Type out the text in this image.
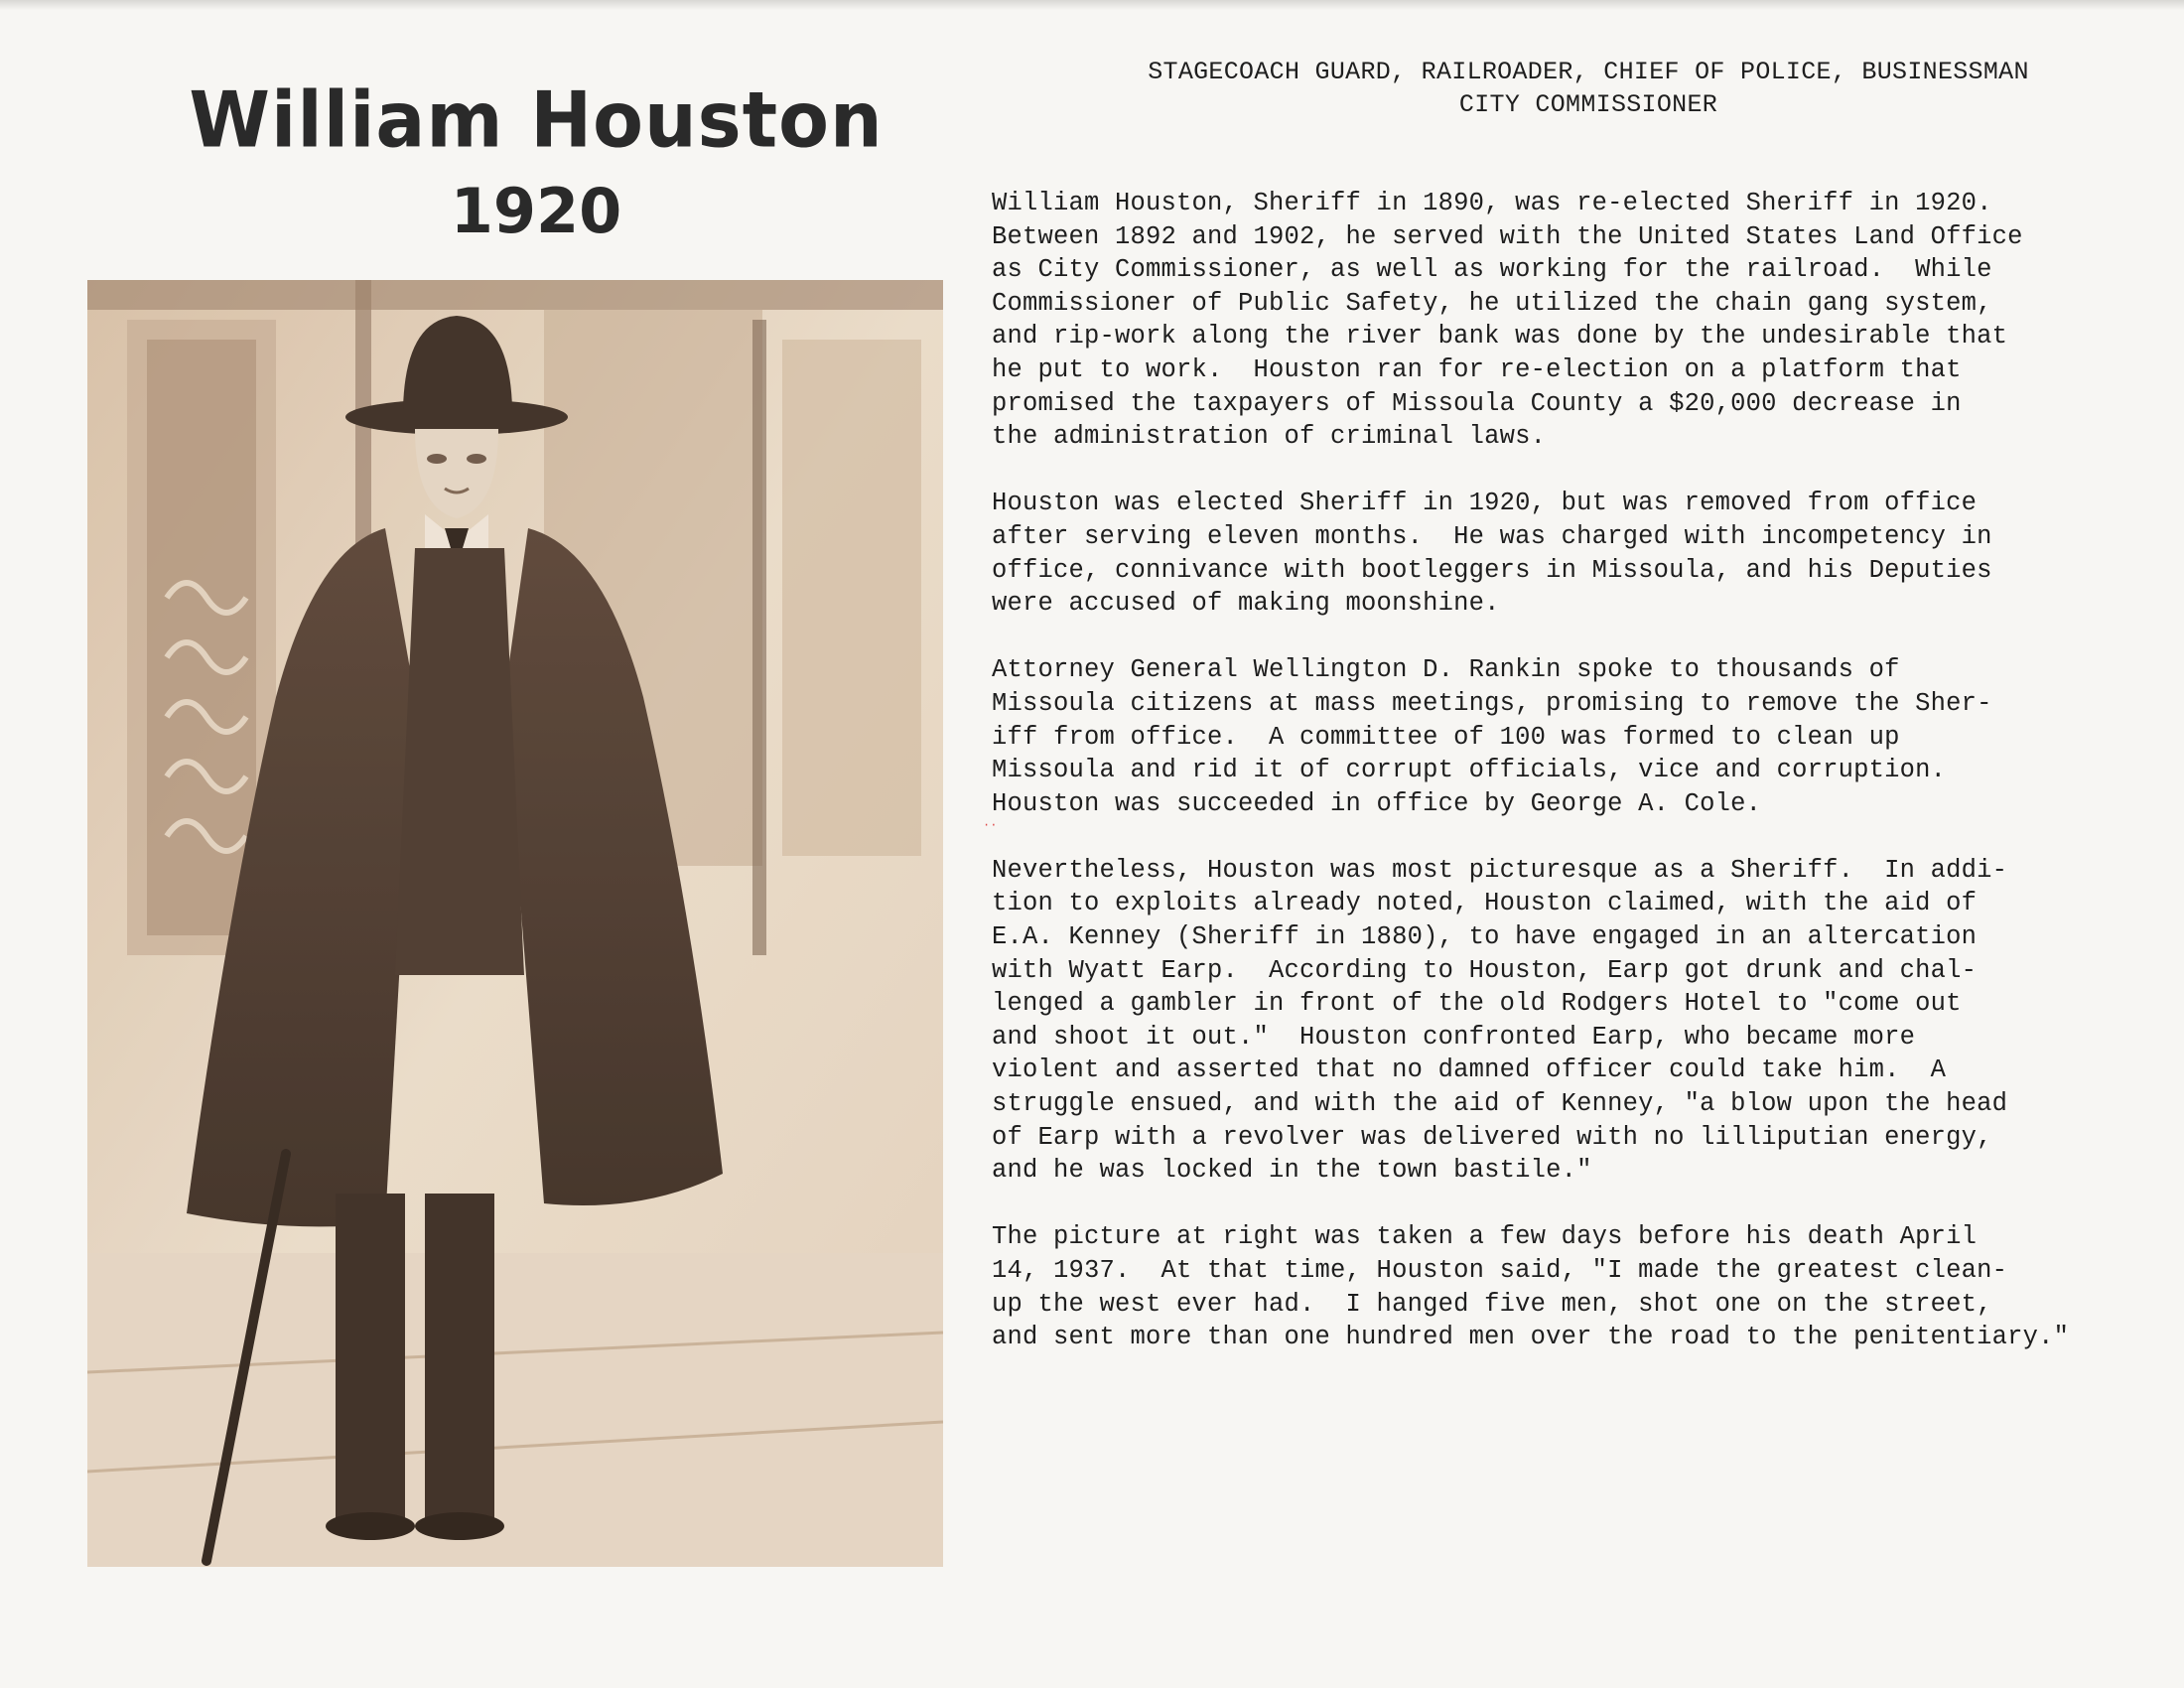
William Houston
1920
STAGECOACH GUARD, RAILROADER, CHIEF OF POLICE, BUSINESSMAN
CITY COMMISSIONER
William Houston, Sheriff in 1890, was re-elected Sheriff in 1920.
Between 1892 and 1902, he served with the United States Land Office
as City Commissioner, as well as working for the railroad.  While
Commissioner of Public Safety, he utilized the chain gang system,
and rip-work along the river bank was done by the undesirable that
he put to work.  Houston ran for re-election on a platform that
promised the taxpayers of Missoula County a $20,000 decrease in
the administration of criminal laws.
Houston was elected Sheriff in 1920, but was removed from office
after serving eleven months.  He was charged with incompetency in
office, connivance with bootleggers in Missoula, and his Deputies
were accused of making moonshine.
Attorney General Wellington D. Rankin spoke to thousands of
Missoula citizens at mass meetings, promising to remove the Sher-
iff from office.  A committee of 100 was formed to clean up
Missoula and rid it of corrupt officials, vice and corruption.
Houston was succeeded in office by George A. Cole.
Nevertheless, Houston was most picturesque as a Sheriff.  In addi-
tion to exploits already noted, Houston claimed, with the aid of
E.A. Kenney (Sheriff in 1880), to have engaged in an altercation
with Wyatt Earp.  According to Houston, Earp got drunk and chal-
lenged a gambler in front of the old Rodgers Hotel to "come out
and shoot it out."  Houston confronted Earp, who became more
violent and asserted that no damned officer could take him.  A
struggle ensued, and with the aid of Kenney, "a blow upon the head
of Earp with a revolver was delivered with no lilliputian energy,
and he was locked in the town bastile."
The picture at right was taken a few days before his death April
14, 1937.  At that time, Houston said, "I made the greatest clean-
up the west ever had.  I hanged five men, shot one on the street,
and sent more than one hundred men over the road to the penitentiary."
··
